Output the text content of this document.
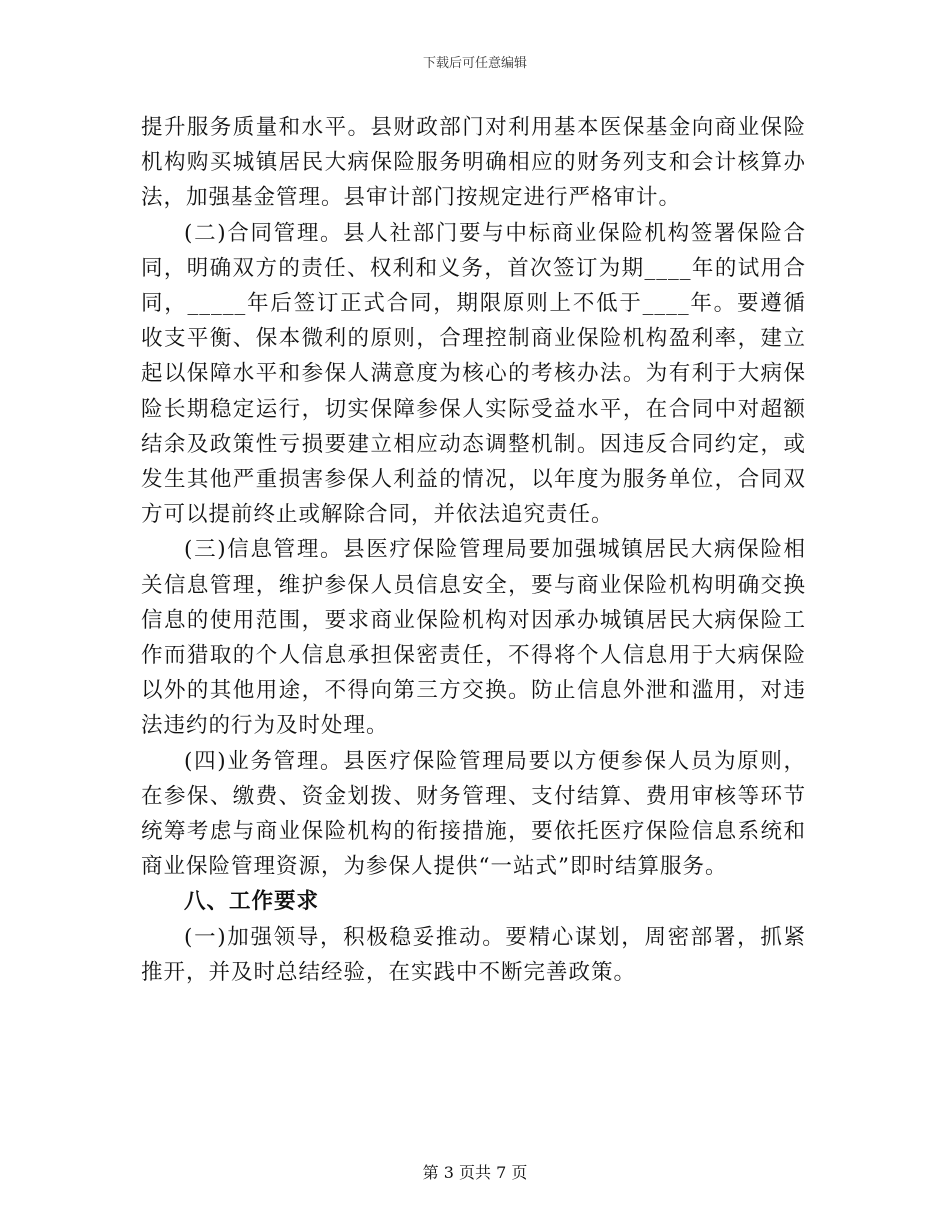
下载后可任意编辑

提升服务质量和水平。县财政部门对利用基本医保基金向商业保险机构购买城镇居民大病保险服务明确相应的财务列支和会计核算办法，加强基金管理。县审计部门按规定进行严格审计。

(二)合同管理。县人社部门要与中标商业保险机构签署保险合同，明确双方的责任、权利和义务，首次签订为期____年的试用合同，_____年后签订正式合同，期限原则上不低于____年。要遵循收支平衡、保本微利的原则，合理控制商业保险机构盈利率，建立起以保障水平和参保人满意度为核心的考核办法。为有利于大病保险长期稳定运行，切实保障参保人实际受益水平，在合同中对超额结余及政策性亏损要建立相应动态调整机制。因违反合同约定，或发生其他严重损害参保人利益的情况，以年度为服务单位，合同双方可以提前终止或解除合同，并依法追究责任。

(三)信息管理。县医疗保险管理局要加强城镇居民大病保险相关信息管理，维护参保人员信息安全，要与商业保险机构明确交换信息的使用范围，要求商业保险机构对因承办城镇居民大病保险工作而猎取的个人信息承担保密责任，不得将个人信息用于大病保险以外的其他用途，不得向第三方交换。防止信息外泄和滥用，对违法违约的行为及时处理。

(四)业务管理。县医疗保险管理局要以方便参保人员为原则，在参保、缴费、资金划拨、财务管理、支付结算、费用审核等环节统筹考虑与商业保险机构的衔接措施，要依托医疗保险信息系统和商业保险管理资源，为参保人提供“一站式”即时结算服务。

八、工作要求

(一)加强领导，积极稳妥推动。要精心谋划，周密部署，抓紧推开，并及时总结经验，在实践中不断完善政策。

第 3 页共 7 页
